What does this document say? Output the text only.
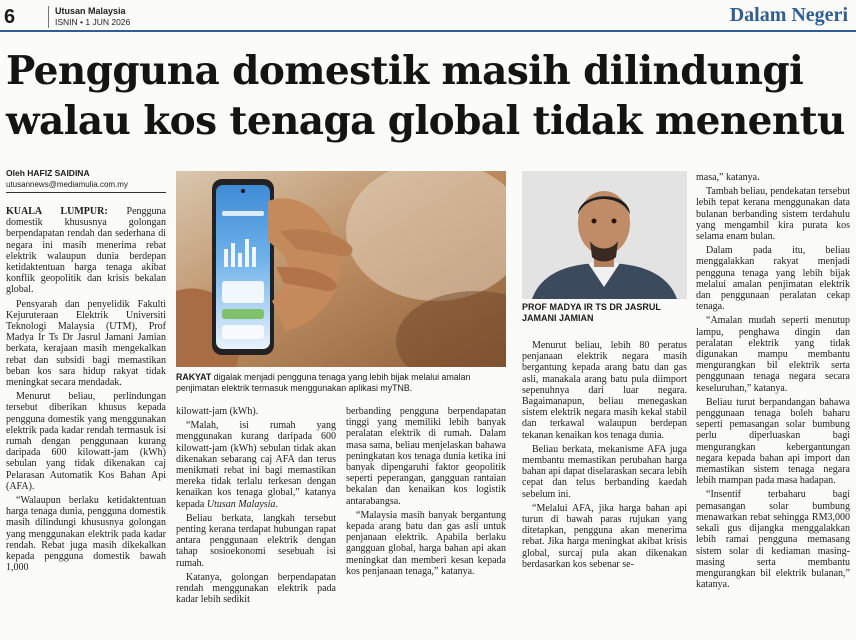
6	Utusan Malaysia
ISNIN • 1 JUN 2026	Dalam Negeri
Pengguna domestik masih dilindungi
walau kos tenaga global tidak menentu
Oleh HAFIZ SAIDINA
utusannews@mediamulia.com.my
RAKYAT digalak menjadi pengguna tenaga yang lebih bijak melalui amalan penjimatan elektrik termasuk menggunakan aplikasi myTNB.
PROF MADYA IR TS DR JASRUL JAMANI JAMIAN

KUALA LUMPUR: Pengguna domestik khususnya golongan berpendapatan rendah dan sederhana di negara ini masih menerima rebat elektrik walaupun dunia berdepan ketidaktentuan harga tenaga akibat konflik geopolitik dan krisis bekalan global.

Pensyarah dan penyelidik Fakulti Kejuruteraan Elektrik Universiti Teknologi Malaysia (UTM), Prof Madya Ir Ts Dr Jasrul Jamani Jamian berkata, kerajaan masih mengekalkan rebat dan subsidi bagi memastikan beban kos sara hidup rakyat tidak meningkat secara mendadak.

Menurut beliau, perlindungan tersebut diberikan khusus kepada pengguna domestik yang menggunakan elektrik pada kadar rendah termasuk isi rumah dengan penggunaan kurang daripada 600 kilowatt-jam (kWh) sebulan yang tidak dikenakan caj Pelarasan Automatik Kos Bahan Api (AFA).

“Walaupun berlaku ketidaktentuan harga tenaga dunia, pengguna domestik masih dilindungi khususnya golongan yang menggunakan elektrik pada kadar rendah. Rebat juga masih dikekalkan kepada pengguna domestik bawah 1,000

kilowatt-jam (kWh).

“Malah, isi rumah yang menggunakan kurang daripada 600 kilowatt-jam (kWh) sebulan tidak akan dikenakan sebarang caj AFA dan terus menikmati rebat ini bagi memastikan mereka tidak terlalu terkesan dengan kenaikan kos tenaga global,” katanya kepada Utusan Malaysia.

Beliau berkata, langkah tersebut penting kerana terdapat hubungan rapat antara penggunaan elektrik dengan tahap sosioekonomi sesebuah isi rumah.

Katanya, golongan berpendapatan rendah menggunakan elektrik pada kadar lebih sedikit

berbanding pengguna berpendapatan tinggi yang memiliki lebih banyak peralatan elektrik di rumah. Dalam masa sama, beliau menjelaskan bahawa peningkatan kos tenaga dunia ketika ini banyak dipengaruhi faktor geopolitik seperti peperangan, gangguan rantaian bekalan dan kenaikan kos logistik antarabangsa.

“Malaysia masih banyak bergantung kepada arang batu dan gas asli untuk penjanaan elektrik. Apabila berlaku gangguan global, harga bahan api akan meningkat dan memberi kesan kepada kos penjanaan tenaga,” katanya.

Menurut beliau, lebih 80 peratus penjanaan elektrik negara masih bergantung kepada arang batu dan gas asli, manakala arang batu pula diimport sepenuhnya dari luar negara. Bagaimanapun, beliau menegaskan sistem elektrik negara masih kekal stabil dan terkawal walaupun berdepan tekanan kenaikan kos tenaga dunia.

Beliau berkata, mekanisme AFA juga membantu memastikan perubahan harga bahan api dapat diselaraskan secara lebih cepat dan telus berbanding kaedah sebelum ini.

“Melalui AFA, jika harga bahan api turun di bawah paras rujukan yang ditetapkan, pengguna akan menerima rebat. Jika harga meningkat akibat krisis global, surcaj pula akan dikenakan berdasarkan kos sebenar se-

masa,” katanya.

Tambah beliau, pendekatan tersebut lebih tepat kerana menggunakan data bulanan berbanding sistem terdahulu yang mengambil kira purata kos selama enam bulan.

Dalam pada itu, beliau menggalakkan rakyat menjadi pengguna tenaga yang lebih bijak melalui amalan penjimatan elektrik dan penggunaan peralatan cekap tenaga.

“Amalan mudah seperti menutup lampu, penghawa dingin dan peralatan elektrik yang tidak digunakan mampu membantu mengurangkan bil elektrik serta penggunaan tenaga negara secara keseluruhan,” katanya.

Beliau turut berpandangan bahawa penggunaan tenaga boleh baharu seperti pemasangan solar bumbung perlu diperluaskan bagi mengurangkan kebergantungan negara kepada bahan api import dan memastikan sistem tenaga negara lebih mampan pada masa hadapan.

“Insentif terbaharu bagi pemasangan solar bumbung menawarkan rebat sehingga RM3,000 sekali gus dijangka menggalakkan lebih ramai pengguna memasang sistem solar di kediaman masing-masing serta membantu mengurangkan bil elektrik bulanan,” katanya.
